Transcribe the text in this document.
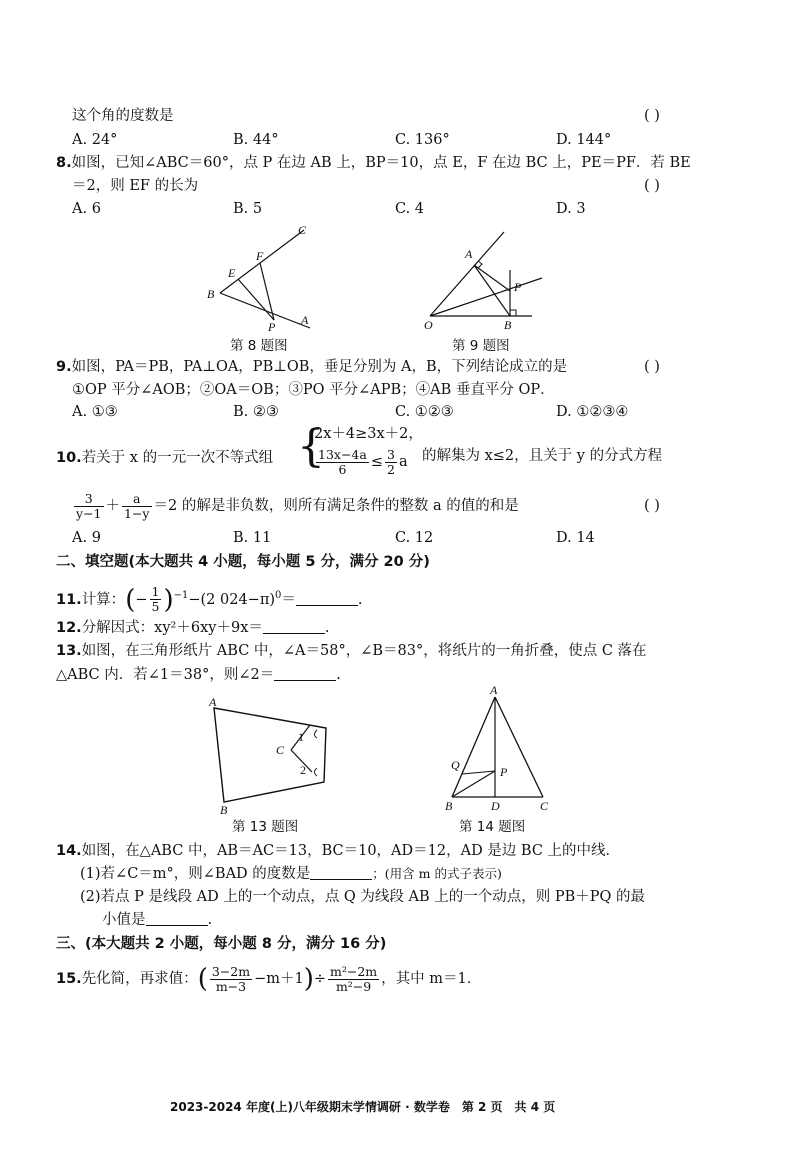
这个角的度数是	( )
A. 24°	B. 44°	C. 136°	D. 144°
8.如图，已知∠ABC＝60°，点 P 在边 AB 上，BP＝10，点 E，F 在边 BC 上，PE＝PF．若 BE
＝2，则 EF 的长为	( )
A. 6	B. 5	C. 4	D. 3
C
F
E
B
P A
第 8 题图
A
P
O	B
第 9 题图
9.如图，PA＝PB，PA⊥OA，PB⊥OB，垂足分别为 A，B，下列结论成立的是	( )
①OP 平分∠AOB；②OA＝OB；③PO 平分∠APB；④AB 垂直平分 OP．
A. ①③	B. ②③	C. ①②③	D. ①②③④
10.若关于 x 的一元一次不等式组 {
2x＋4≥3x＋2，
$\frac{13x-4a}{6} \le \frac{3}{2}$ a 的解集为 x≤2，且关于 y 的分式方程
$\frac{3}{y-1} + \frac{a}{1-y} =2$ 的解是非负数，则所有满足条件的整数 a 的值的和是	( )
A. 9	B. 11	C. 12	D. 14
二、填空题(本大题共 4 小题，每小题 5 分，满分 20 分)
11.计算：(− $\frac{1}{5} )^{-1}-(2$ 024−π)$^0$＝	.
12.分解因式：xy²＋6xy＋9x＝	.
13.如图，在三角形纸片 ABC 中，∠A＝58°，∠B＝83°，将纸片的一角折叠，使点 C 落在
△ABC 内．若∠1＝38°，则∠2＝	.
A
B
C
1
2
第 13 题图
A
Q	P
B	D	C
第 14 题图
14.如图，在△ABC 中，AB＝AC＝13，BC＝10，AD＝12，AD 是边 BC 上的中线．
(1)若∠C＝m°，则∠BAD 的度数是	；(用含 m 的式子表示)
(2)若点 P 是线段 AD 上的一个动点，点 Q 为线段 AB 上的一个动点，则 PB＋PQ 的最
小值是	.
三、(本大题共 2 小题，每小题 8 分，满分 16 分)
15.先化简，再求值：( $\frac{3-2m}{m-3} -m+1)\div \frac{\text{m²−2m}}{\text{m²−9}}$ ，其中 m＝1．
2023-2024 年度(上)八年级期末学情调研 · 数学卷　第 2 页　共 4 页
